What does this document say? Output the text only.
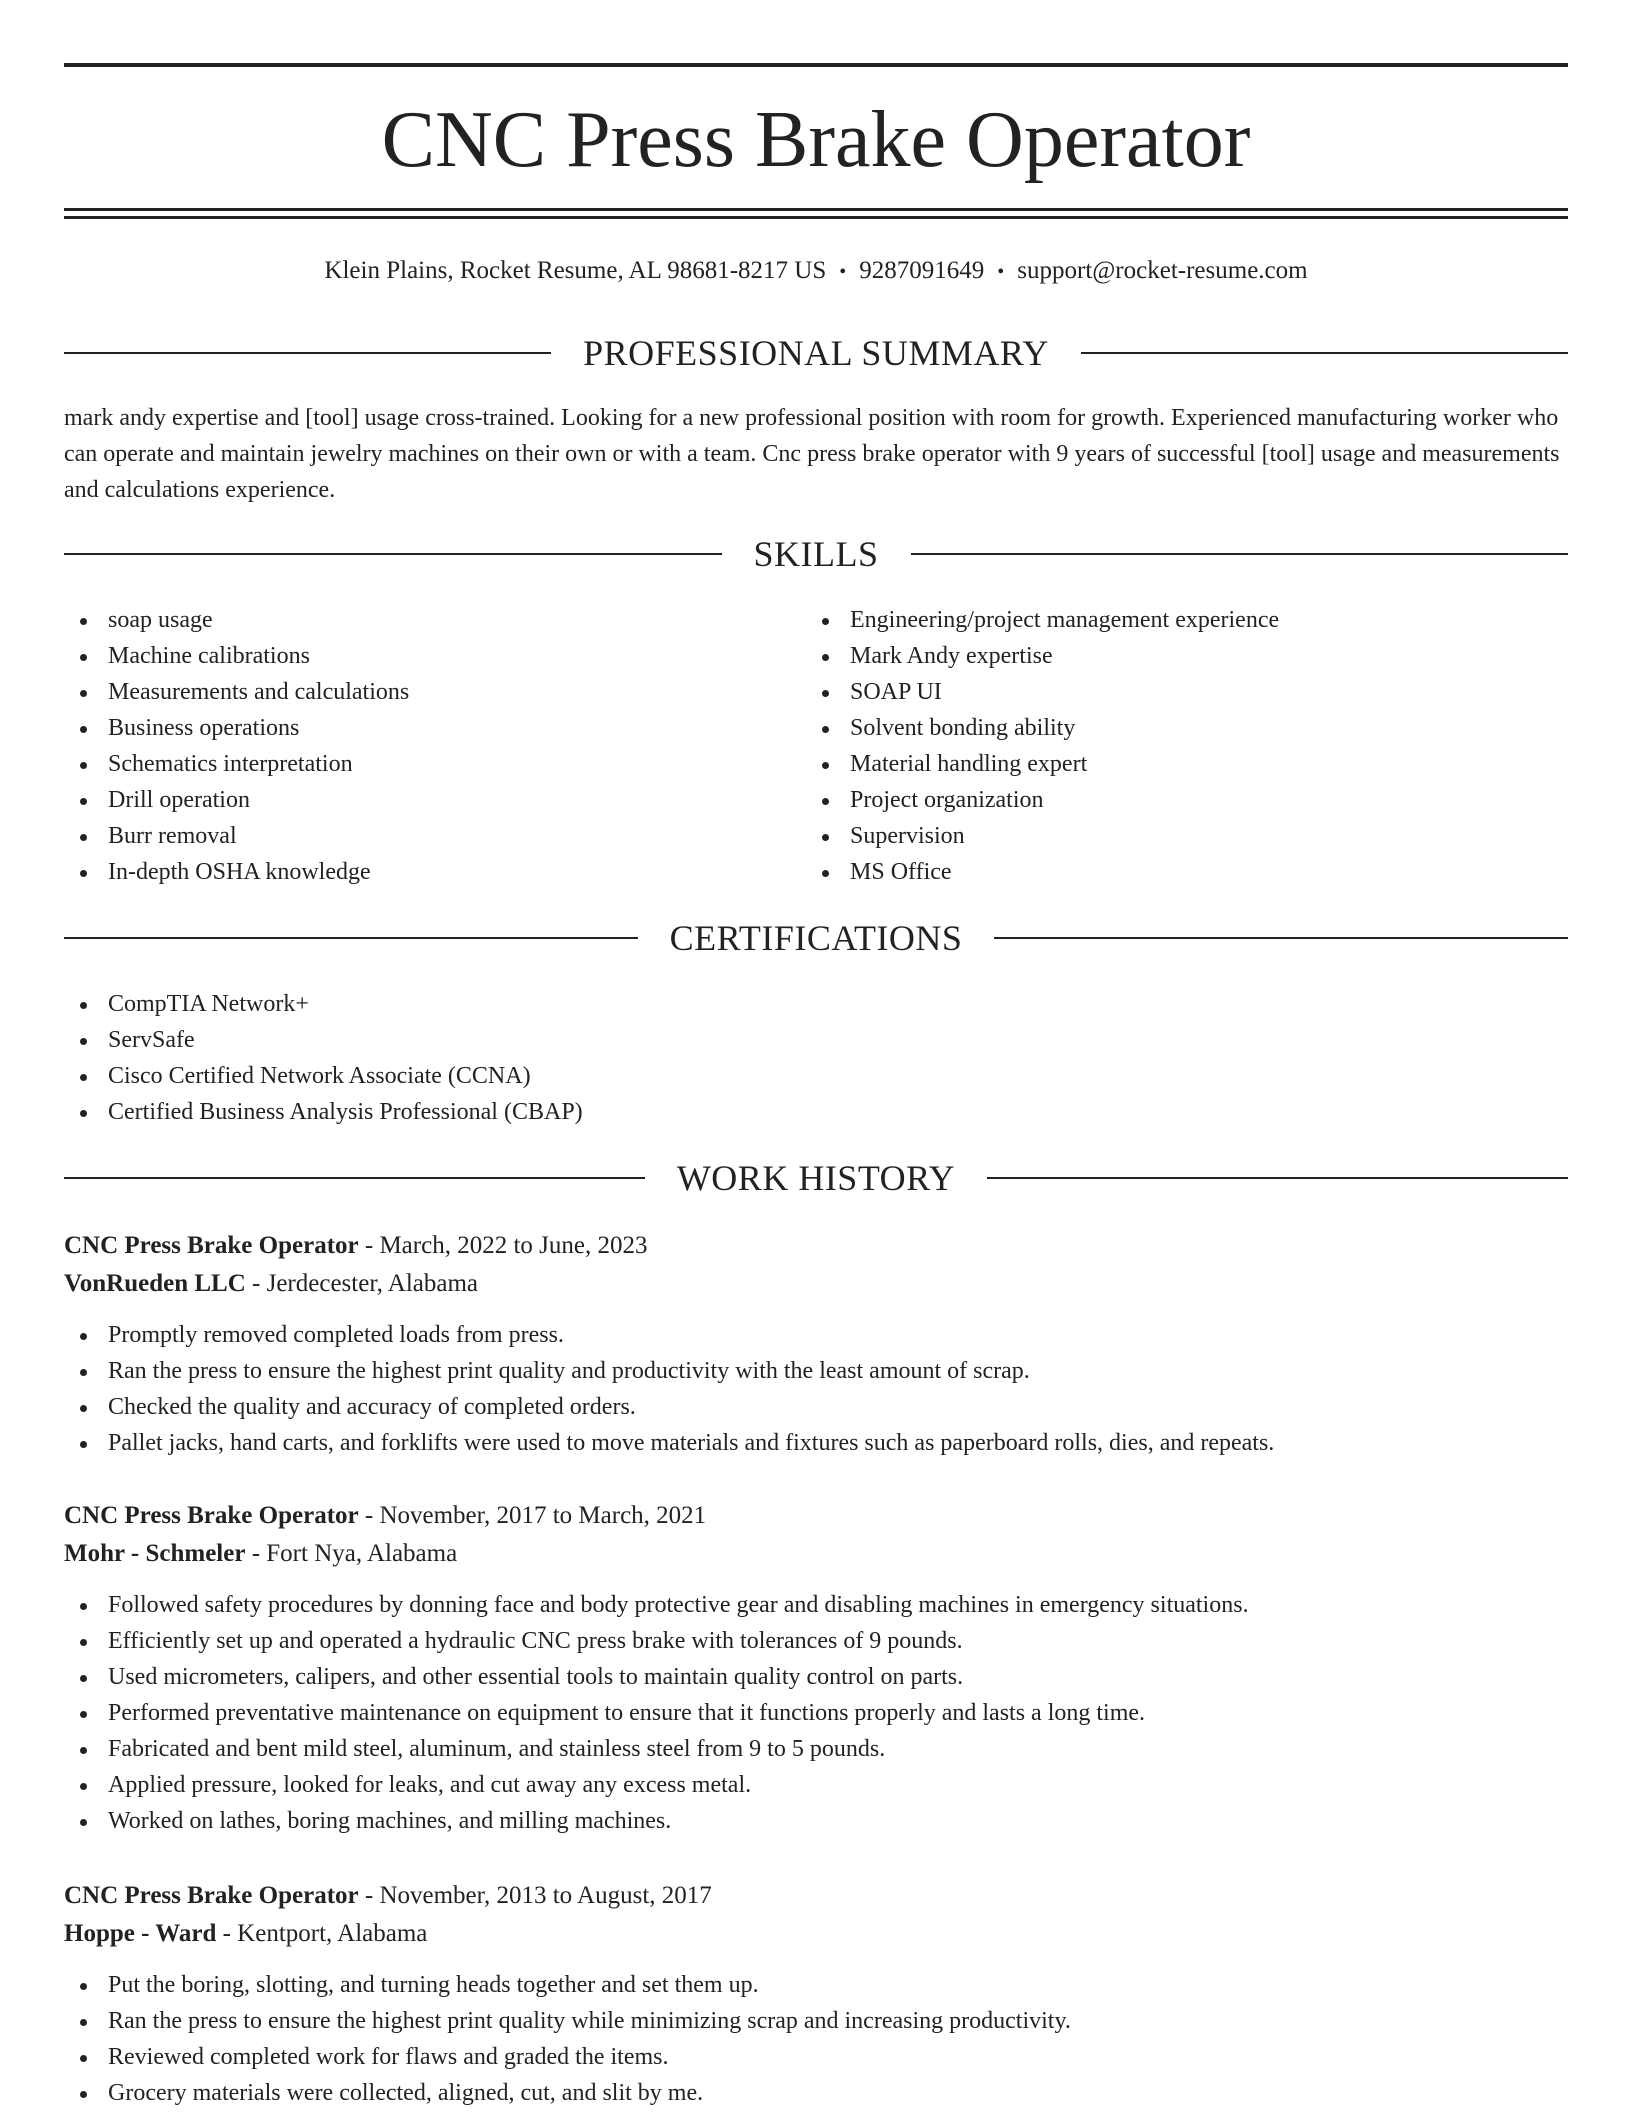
CNC Press Brake Operator
Klein Plains, Rocket Resume, AL 98681-8217 US • 9287091649 • support@rocket-resume.com
PROFESSIONAL SUMMARY

mark andy expertise and [tool] usage cross-trained. Looking for a new professional position with room for growth. Experienced manufacturing worker who can operate and maintain jewelry machines on their own or with a team. Cnc press brake operator with 9 years of successful [tool] usage and measurements and calculations experience.

SKILLS
soap usage
Machine calibrations
Measurements and calculations
Business operations
Schematics interpretation
Drill operation
Burr removal
In-depth OSHA knowledge
Engineering/project management experience
Mark Andy expertise
SOAP UI
Solvent bonding ability
Material handling expert
Project organization
Supervision
MS Office
CERTIFICATIONS
CompTIA Network+
ServSafe
Cisco Certified Network Associate (CCNA)
Certified Business Analysis Professional (CBAP)
WORK HISTORY
CNC Press Brake Operator - March, 2022 to June, 2023
VonRueden LLC - Jerdecester, Alabama
Promptly removed completed loads from press.
Ran the press to ensure the highest print quality and productivity with the least amount of scrap.
Checked the quality and accuracy of completed orders.
Pallet jacks, hand carts, and forklifts were used to move materials and fixtures such as paperboard rolls, dies, and repeats.
CNC Press Brake Operator - November, 2017 to March, 2021
Mohr - Schmeler - Fort Nya, Alabama
Followed safety procedures by donning face and body protective gear and disabling machines in emergency situations.
Efficiently set up and operated a hydraulic CNC press brake with tolerances of 9 pounds.
Used micrometers, calipers, and other essential tools to maintain quality control on parts.
Performed preventative maintenance on equipment to ensure that it functions properly and lasts a long time.
Fabricated and bent mild steel, aluminum, and stainless steel from 9 to 5 pounds.
Applied pressure, looked for leaks, and cut away any excess metal.
Worked on lathes, boring machines, and milling machines.
CNC Press Brake Operator - November, 2013 to August, 2017
Hoppe - Ward - Kentport, Alabama
Put the boring, slotting, and turning heads together and set them up.
Ran the press to ensure the highest print quality while minimizing scrap and increasing productivity.
Reviewed completed work for flaws and graded the items.
Grocery materials were collected, aligned, cut, and slit by me.
